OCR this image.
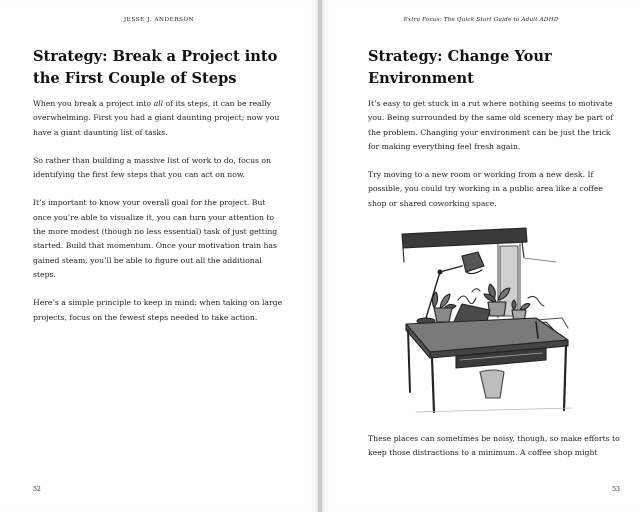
JESSE J. ANDERSON
Strategy: Break a Project into the First Couple of Steps

When you break a project into all of its steps, it can be really overwhelming. First you had a giant daunting project; now you have a giant daunting list of tasks.

So rather than building a massive list of work to do, focus on identifying the first few steps that you can act on now.

It’s important to know your overall goal for the project. But once you’re able to visualize it, you can turn your attention to the more modest (though no less essential) task of just getting started. Build that momentum. Once your motivation train has gained steam, you’ll be able to figure out all the additional steps.

Here’s a simple principle to keep in mind: when taking on large projects, focus on the fewest steps needed to take action.

52
Extra Focus: The Quick Start Guide to Adult ADHD
Strategy: Change Your Environment

It’s easy to get stuck in a rut where nothing seems to motivate you. Being surrounded by the same old scenery may be part of the problem. Changing your environment can be just the trick for making everything feel fresh again.

Try moving to a new room or working from a new desk. If possible, you could try working in a public area like a coffee shop or shared coworking space.

These places can sometimes be noisy, though, so make efforts to keep those distractions to a minimum. A coffee shop might

53
